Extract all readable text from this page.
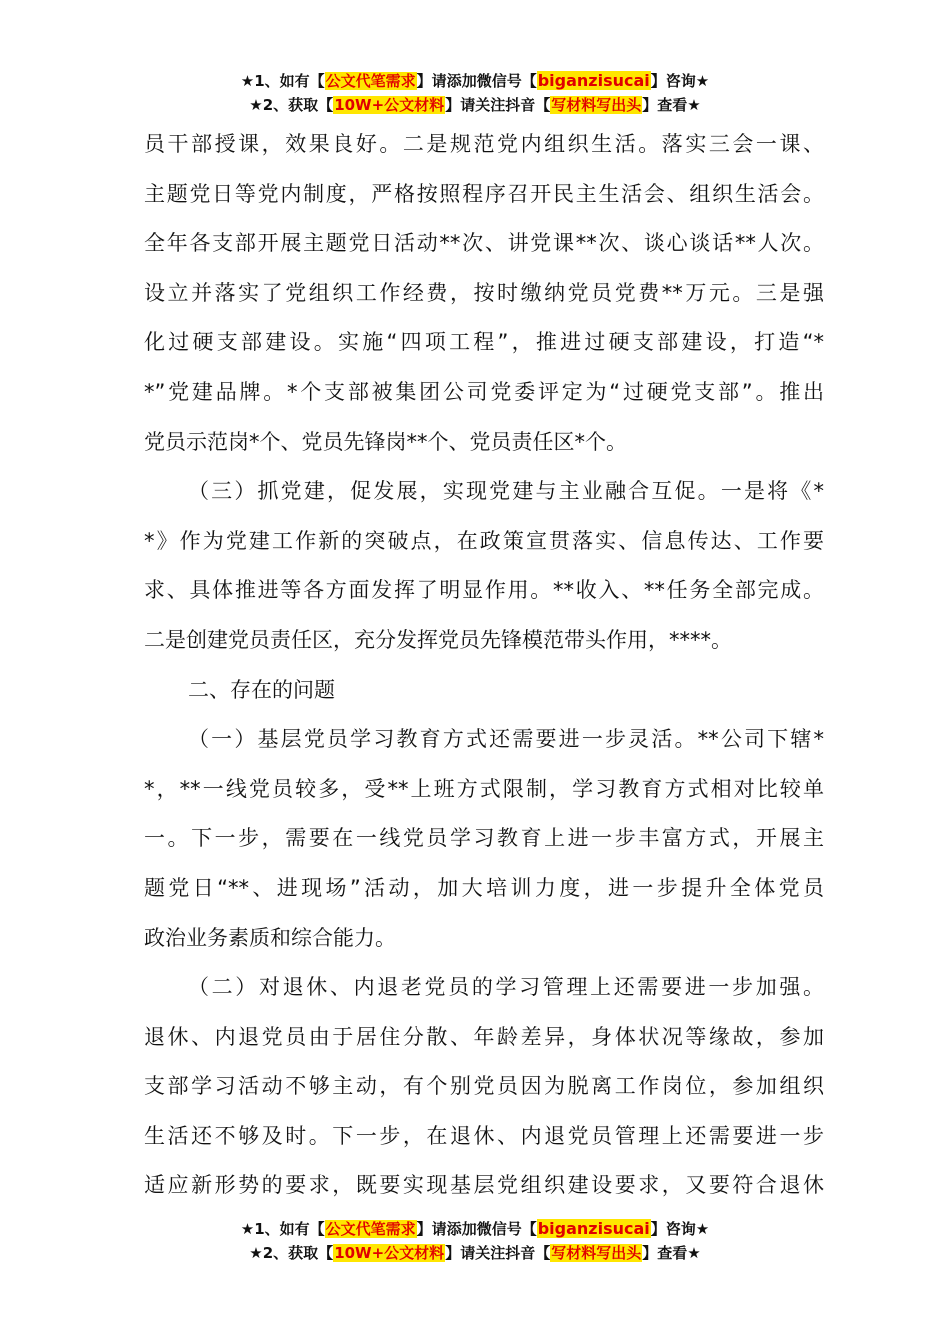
★1、如有【公文代笔需求】请添加微信号【biganzisucai】咨询★
★2、获取【10W+公文材料】请关注抖音【写材料写出头】查看★
员干部授课，效果良好。二是规范党内组织生活。落实三会一课、
主题党日等党内制度，严格按照程序召开民主生活会、组织生活会。
全年各支部开展主题党日活动**次、讲党课**次、谈心谈话**人次。
设立并落实了党组织工作经费，按时缴纳党员党费**万元。三是强
化过硬支部建设。实施“四项工程”，推进过硬支部建设，打造“*
*”党建品牌。*个支部被集团公司党委评定为“过硬党支部”。推出
党员示范岗*个、党员先锋岗**个、党员责任区*个。
（三）抓党建，促发展，实现党建与主业融合互促。一是将《*
*》作为党建工作新的突破点，在政策宣贯落实、信息传达、工作要
求、具体推进等各方面发挥了明显作用。**收入、**任务全部完成。
二是创建党员责任区，充分发挥党员先锋模范带头作用，****。
二、存在的问题
（一）基层党员学习教育方式还需要进一步灵活。**公司下辖*
*，**一线党员较多，受**上班方式限制，学习教育方式相对比较单
一。下一步，需要在一线党员学习教育上进一步丰富方式，开展主
题党日“**、进现场”活动，加大培训力度，进一步提升全体党员
政治业务素质和综合能力。
（二）对退休、内退老党员的学习管理上还需要进一步加强。
退休、内退党员由于居住分散、年龄差异，身体状况等缘故，参加
支部学习活动不够主动，有个别党员因为脱离工作岗位，参加组织
生活还不够及时。下一步，在退休、内退党员管理上还需要进一步
适应新形势的要求，既要实现基层党组织建设要求，又要符合退休
★1、如有【公文代笔需求】请添加微信号【biganzisucai】咨询★
★2、获取【10W+公文材料】请关注抖音【写材料写出头】查看★
